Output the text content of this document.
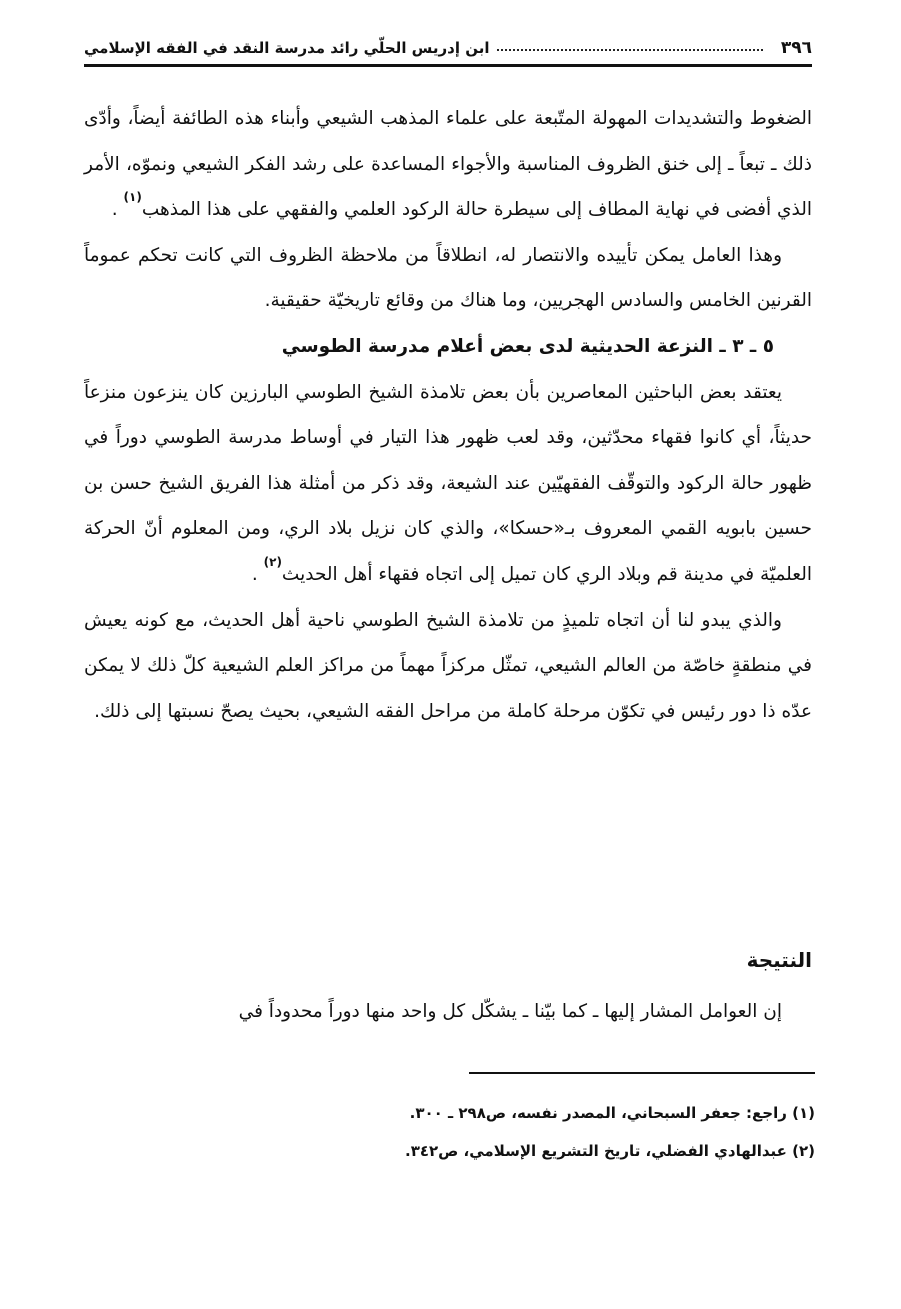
٣٩٦
ابن إدريس الحلّي رائد مدرسة النقد في الفقه الإسلامي

الضغوط والتشديدات المهولة المتّبعة على علماء المذهب الشيعي وأبناء هذه الطائفة أيضاً، وأدّى ذلك ـ تبعاً ـ إلى خنق الظروف المناسبة والأجواء المساعدة على رشد الفكر الشيعي ونموّه، الأمر الذي أفضى في نهاية المطاف إلى سيطرة حالة الركود العلمي والفقهي على هذا المذهب$^{(١)}$ .

وهذا العامل يمكن تأييده والانتصار له، انطلاقاً من ملاحظة الظروف التي كانت تحكم عموماً القرنين الخامس والسادس الهجريين، وما هناك من وقائع تاريخيّة حقيقية.

٥ ـ ٣ ـ النزعة الحديثية لدى بعض أعلام مدرسة الطوسي

يعتقد بعض الباحثين المعاصرين بأن بعض تلامذة الشيخ الطوسي البارزين كان ينزعون منزعاً حديثاً، أي كانوا فقهاء محدّثين، وقد لعب ظهور هذا التيار في أوساط مدرسة الطوسي دوراً في ظهور حالة الركود والتوقّف الفقهيّين عند الشيعة، وقد ذكر من أمثلة هذا الفريق الشيخ حسن بن حسين بابويه القمي المعروف بـ«حسكا»، والذي كان نزيل بلاد الري، ومن المعلوم أنّ الحركة العلميّة في مدينة قم وبلاد الري كان تميل إلى اتجاه فقهاء أهل الحديث$^{(٢)}$ .

والذي يبدو لنا أن اتجاه تلميذٍ من تلامذة الشيخ الطوسي ناحية أهل الحديث، مع كونه يعيش في منطقةٍ خاصّة من العالم الشيعي، تمثّل مركزاً مهماً من مراكز العلم الشيعية كلّ ذلك لا يمكن عدّه ذا دور رئيس في تكوّن مرحلة كاملة من مراحل الفقه الشيعي، بحيث يصحّ نسبتها إلى ذلك.

النتيجة
إن العوامل المشار إليها ـ كما بيّنا ـ يشكّل كل واحد منها دوراً محدوداً في
(١) راجع: جعفر السبحاني، المصدر نفسه، ص٢٩٨ ـ ٣٠٠.
(٢) عبدالهادي الفضلي، تاريخ التشريع الإسلامي، ص٣٤٢.
